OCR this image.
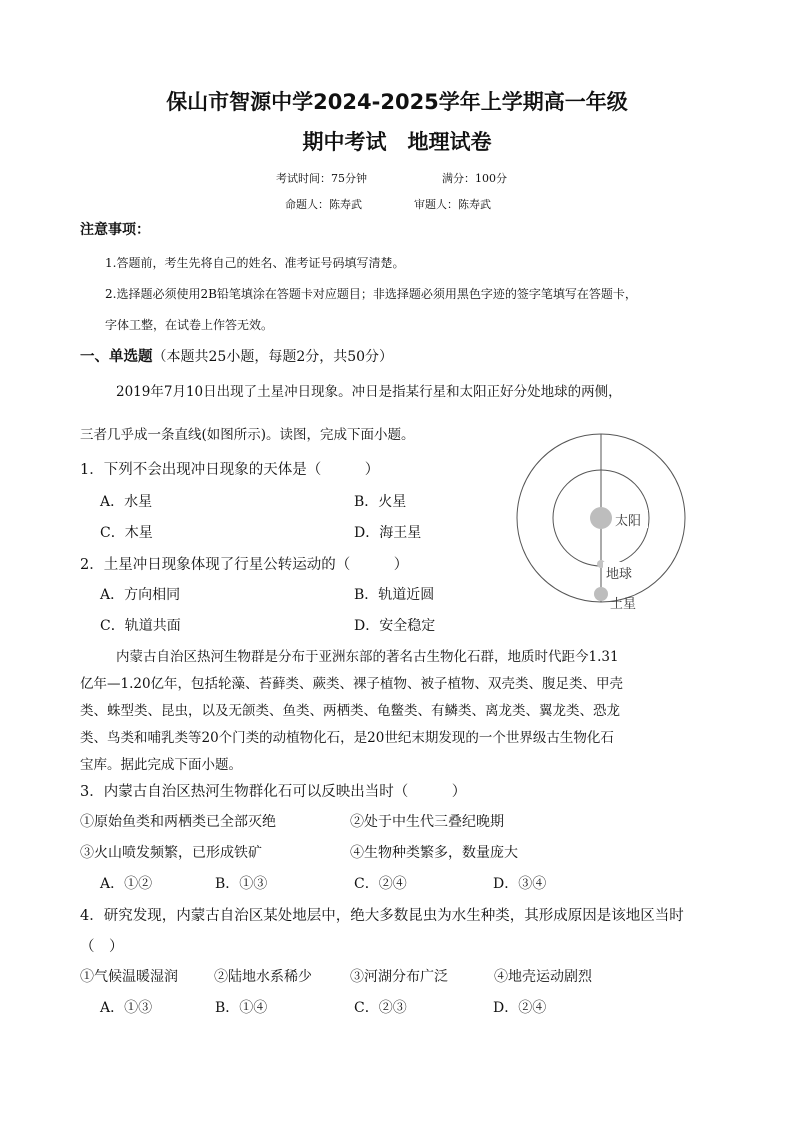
保山市智源中学2024-2025学年上学期高一年级
期中考试　地理试卷
考试时间：75分钟	满分：100分
命题人：陈寿武	审题人：陈寿武
注意事项：
1.答题前，考生先将自己的姓名、准考证号码填写清楚。
2.选择题必须使用2B铅笔填涂在答题卡对应题目；非选择题必须用黑色字迹的签字笔填写在答题卡，
字体工整，在试卷上作答无效。
一、单选题（本题共25小题，每题2分，共50分）
2019年7月10日出现了土星冲日现象。冲日是指某行星和太阳正好分处地球的两侧，
三者几乎成一条直线(如图所示)。读图，完成下面小题。
1．下列不会出现冲日现象的天体是（　　　）
A．水星	B．火星
C．木星	D．海王星
2．土星冲日现象体现了行星公转运动的（　　　）
A．方向相同	B．轨道近圆
C．轨道共面	D．安全稳定
太阳
地球
土星
内蒙古自治区热河生物群是分布于亚洲东部的著名古生物化石群，地质时代距今1.31
亿年—1.20亿年，包括轮藻、苔藓类、蕨类、裸子植物、被子植物、双壳类、腹足类、甲壳
类、蛛型类、昆虫，以及无颌类、鱼类、两栖类、龟鳖类、有鳞类、离龙类、翼龙类、恐龙
类、鸟类和哺乳类等20个门类的动植物化石，是20世纪末期发现的一个世界级古生物化石
宝库。据此完成下面小题。
3．内蒙古自治区热河生物群化石可以反映出当时（　　　）
①原始鱼类和两栖类已全部灭绝	②处于中生代三叠纪晚期
③火山喷发频繁，已形成铁矿	④生物种类繁多，数量庞大
A．①②	B．①③	C．②④	D．③④
4．研究发现，内蒙古自治区某处地层中，绝大多数昆虫为水生种类，其形成原因是该地区当时
（　）
①气候温暖湿润	②陆地水系稀少	③河湖分布广泛	④地壳运动剧烈
A．①③	B．①④	C．②③	D．②④
